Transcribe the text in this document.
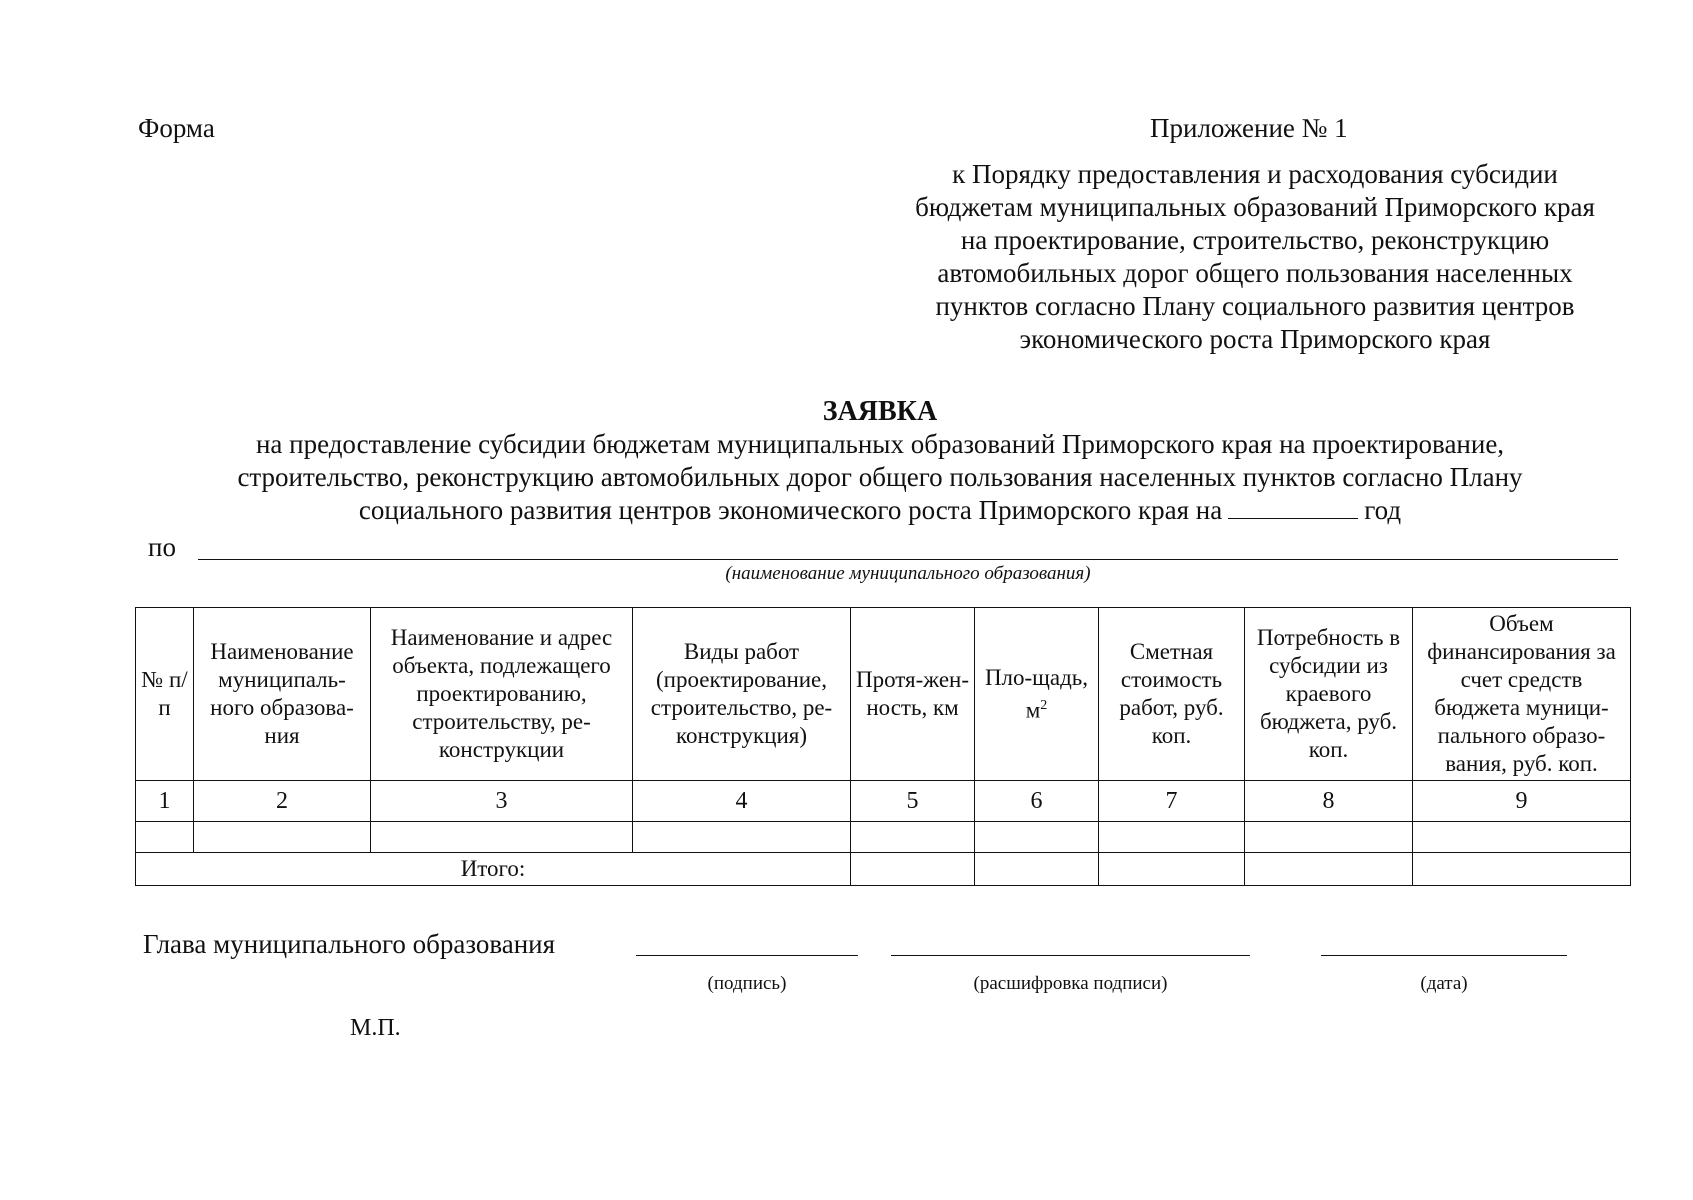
Форма	Приложение № 1
к Порядку предоставления и расходования субсидии
бюджетам муниципальных образований Приморского края
на проектирование, строительство, реконструкцию
автомобильных дорог общего пользования населенных
пунктов согласно Плану социального развития центров
экономического роста Приморского края
ЗАЯВКА
на предоставление субсидии бюджетам муниципальных образований Приморского края на проектирование,
строительство, реконструкцию автомобильных дорог общего пользования населенных пунктов согласно Плану
социального развития центров экономического роста Приморского края на	год
по
(наименование муниципального образования)
№ п/п	Наименование муниципаль-ного образова-ния	Наименование и адрес объекта, подлежащего проектированию, строительству, ре-конструкции	Виды работ (проектирование, строительство, ре-конструкция)	Протя-жен-ность, км	Пло-щадь, $м^2$	Сметная стоимость работ, руб. коп.	Потребность в субсидии из краевого бюджета, руб. коп.	Объем финансирования за счет средств бюджета муници-пального образо-вания, руб. коп.
1	2	3	4	5	6	7	8	9

Итого:								
Глава муниципального образования
(подпись)	(расшифровка подписи)	(дата)
М.П.
